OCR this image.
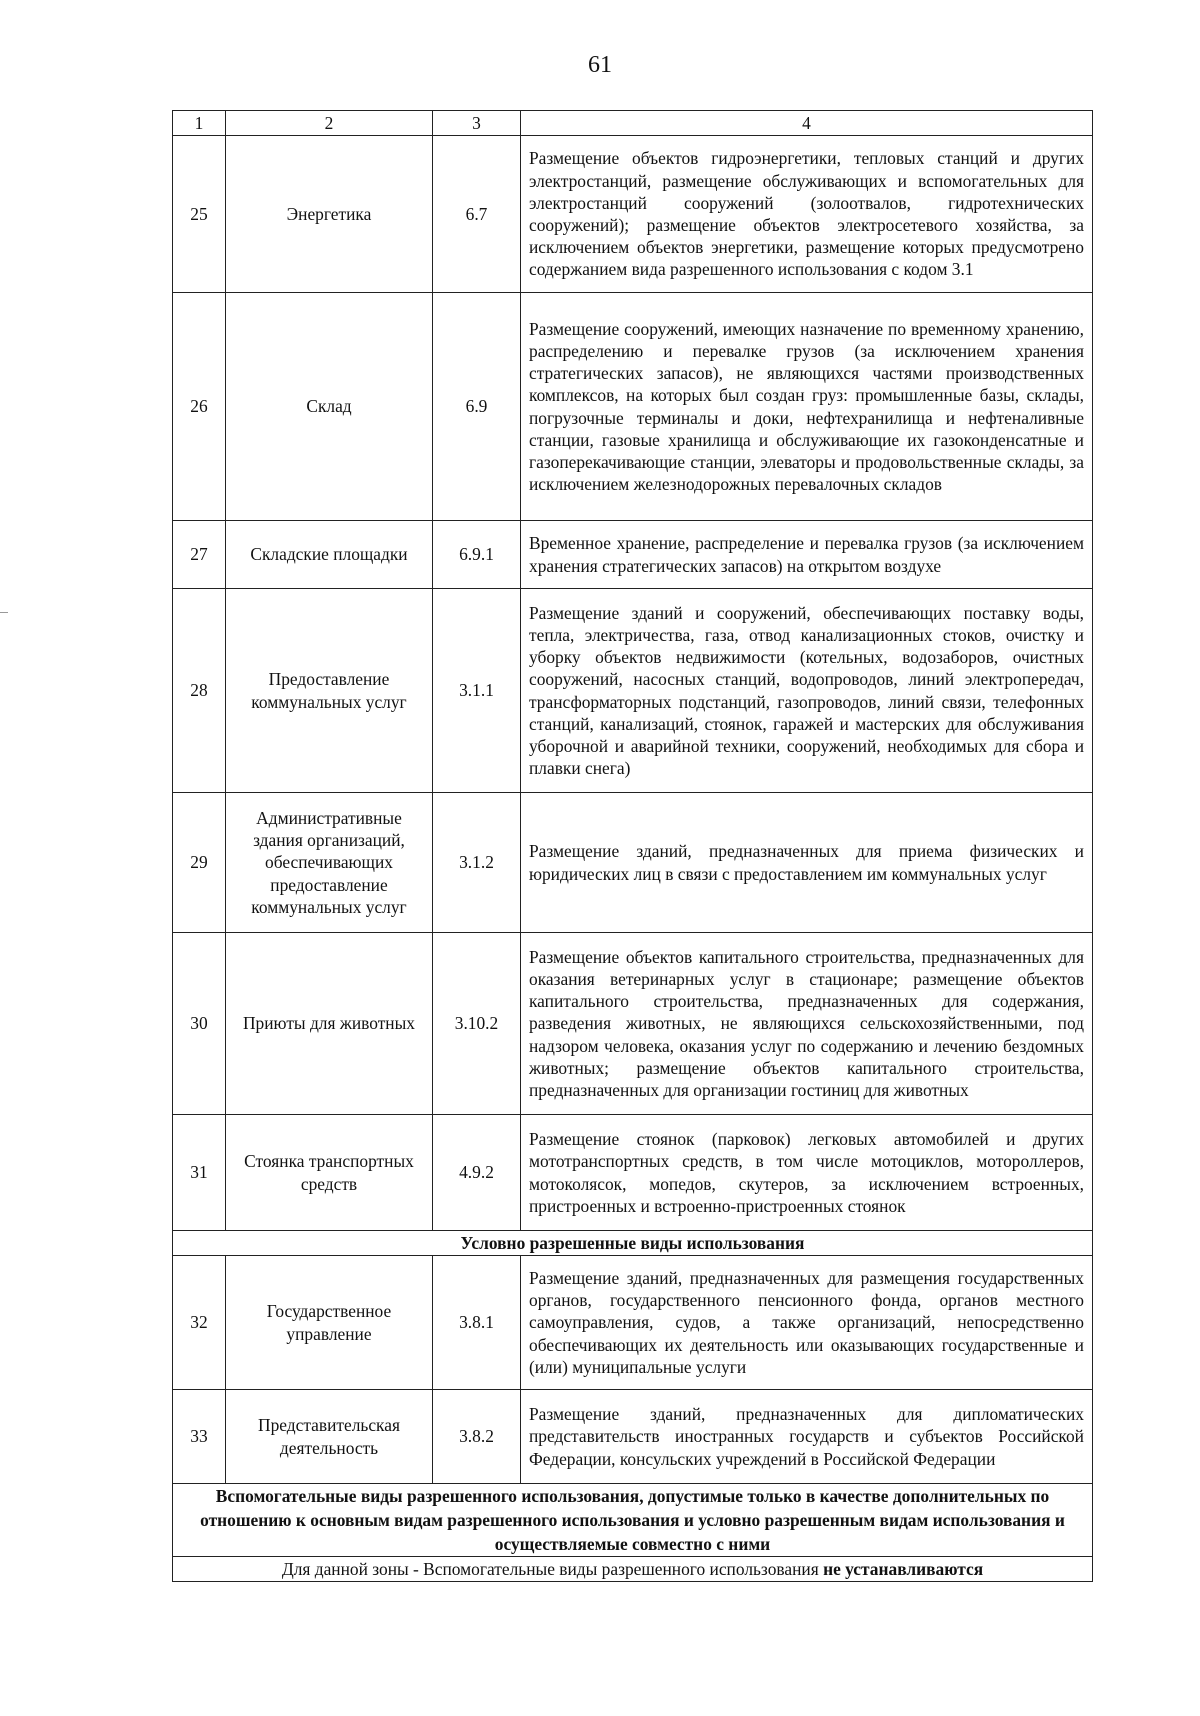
61
1	2	3	4
25	Энергетика	6.7	Размещение объектов гидроэнергетики, тепловых станций и других электростанций, размещение обслуживающих и вспомогательных для электростанций сооружений (золоотвалов, гидротехнических сооружений); размещение объектов электросетевого хозяйства, за исключением объектов энергетики, размещение которых предусмотрено содержанием вида разрешенного использования с кодом 3.1
26	Склад	6.9	Размещение сооружений, имеющих назначение по временному хранению, распределению и перевалке грузов (за исключением хранения стратегических запасов), не являющихся частями производственных комплексов, на которых был создан груз: промышленные базы, склады, погрузочные терминалы и доки, нефтехранилища и нефтеналивные станции, газовые хранилища и обслуживающие их газоконденсатные и газоперекачивающие станции, элеваторы и продовольственные склады, за исключением железнодорожных перевалочных складов
27	Складские площадки	6.9.1	Временное хранение, распределение и перевалка грузов (за исключением хранения стратегических запасов) на открытом воздухе
28	Предоставление коммунальных услуг	3.1.1	Размещение зданий и сооружений, обеспечивающих поставку воды, тепла, электричества, газа, отвод канализационных стоков, очистку и уборку объектов недвижимости (котельных, водозаборов, очистных сооружений, насосных станций, водопроводов, линий электропередач, трансформаторных подстанций, газопроводов, линий связи, телефонных станций, канализаций, стоянок, гаражей и мастерских для обслуживания уборочной и аварийной техники, сооружений, необходимых для сбора и плавки снега)
29	Административные здания организаций, обеспечивающих предоставление коммунальных услуг	3.1.2	Размещение зданий, предназначенных для приема физических и юридических лиц в связи с предоставлением им коммунальных услуг
30	Приюты для животных	3.10.2	Размещение объектов капитального строительства, предназначенных для оказания ветеринарных услуг в стационаре; размещение объектов капитального строительства, предназначенных для содержания, разведения животных, не являющихся сельскохозяйственными, под надзором человека, оказания услуг по содержанию и лечению бездомных животных; размещение объектов капитального строительства, предназначенных для организации гостиниц для животных
31	Стоянка транспортных средств	4.9.2	Размещение стоянок (парковок) легковых автомобилей и других мототранспортных средств, в том числе мотоциклов, мотороллеров, мотоколясок, мопедов, скутеров, за исключением встроенных, пристроенных и встроенно-пристроенных стоянок
Условно разрешенные виды использования			
32	Государственное управление	3.8.1	Размещение зданий, предназначенных для размещения государственных органов, государственного пенсионного фонда, органов местного самоуправления, судов, а также организаций, непосредственно обеспечивающих их деятельность или оказывающих государственные и (или) муниципальные услуги
33	Представительская деятельность	3.8.2	Размещение зданий, предназначенных для дипломатических представительств иностранных государств и субъектов Российской Федерации, консульских учреждений в Российской Федерации
Вспомогательные виды разрешенного использования, допустимые только в качестве дополнительных по отношению к основным видам разрешенного использования и условно разрешенным видам использования и осуществляемые совместно с ними			
Для данной зоны - Вспомогательные виды разрешенного использования не устанавливаются			
